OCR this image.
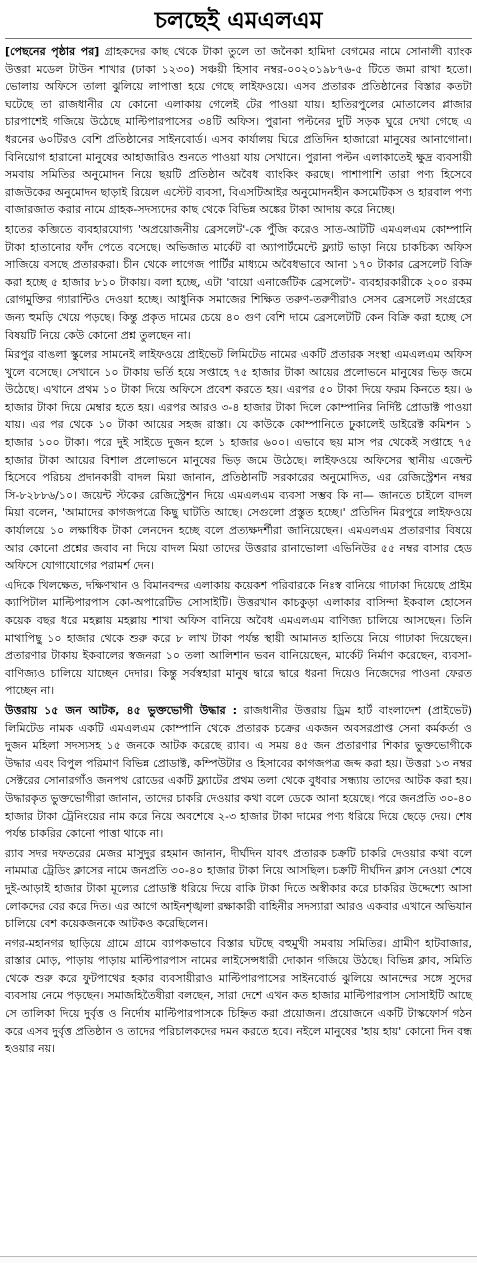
চলছেই এমএলএম

[পেছনের পৃষ্ঠার পর] গ্রাহকদের কাছ থেকে টাকা তুলে তা জনৈকা হামিদা বেগমের নামে সোনালী ব্যাংক উত্তরা মডেল টাউন শাখার (ঢাকা ১২৩০) সঞ্চয়ী হিসাব নম্বর-০০২০১৯৮৭৬-৫ টিতে জমা রাখা হতো। ভোলায় অফিসে তালা ঝুলিয়ে লাপাত্তা হয়ে গেছে লাইফওয়ে। এসব প্রতারক প্রতিষ্ঠানের বিস্তার কতটা ঘটেছে তা রাজধানীর যে কোনো এলাকায় গেলেই টের পাওয়া যায়। হাতিরপুলের মোতালেব প্লাজার চারপাশেই গজিয়ে উঠেছে মাল্টিপারপাসের ৩৪টি অফিস। পুরানা পল্টনের দুটি সড়ক ঘুরে দেখা গেছে এ ধরনের ৬০টিরও বেশি প্রতিষ্ঠানের সাইনবোর্ড। এসব কার্যালয় ঘিরে প্রতিদিন হাজারো মানুষের আনাগোনা। বিনিয়োগ হারানো মানুষের আহাজারিও শুনতে পাওয়া যায় সেখানে। পুরানা পল্টন এলাকাতেই ক্ষুদ্র ব্যবসায়ী সমবায় সমিতির অনুমোদন নিয়ে ছয়টি প্রতিষ্ঠান অবৈধ ব্যাংকিং করছে। পাশাপাশি তারা পণ্য হিসেবে রাজউকের অনুমোদন ছাড়াই রিয়েল এস্টেট ব্যবসা, বিএসটিআইর অনুমোদনহীন কসমেটিকস ও হারবাল পণ্য বাজারজাত করার নামে গ্রাহক-সদস্যদের কাছ থেকে বিভিন্ন অঙ্কের টাকা আদায় করে নিচ্ছে।

হাতের কব্জিতে ব্যবহারযোগ্য 'অপ্রয়োজনীয় ব্রেসলেট'-কে পুঁজি করেও সাত-আটটি এমএলএম কোম্পানি টাকা হাতানোর ফাঁদ পেতে বসেছে। অভিজাত মার্কেট বা অ্যাপার্টমেন্টে ফ্ল্যাট ভাড়া নিয়ে চাকচিক্য অফিস সাজিয়ে বসছে প্রতারকরা। চীন থেকে লাগেজ পার্টির মাধ্যমে অবৈধভাবে আনা ১৭০ টাকার ব্রেসলেট বিক্রি করা হচ্ছে ৫ হাজার ৮১০ টাকায়। বলা হচ্ছে, এটা 'বায়ো এনার্জেটিক ব্রেসলেট'- ব্যবহারকারীকে ২০০ রকম রোগমুক্তির গ্যারান্টিও দেওয়া হচ্ছে। আধুনিক সমাজের শিক্ষিত তরুণ-তরুণীরাও সেসব ব্রেসলেট সংগ্রহের জন্য হুমড়ি খেয়ে পড়ছে। কিন্তু প্রকৃত দামের চেয়ে ৪০ গুণ বেশি দামে ব্রেসলেটটি কেন বিক্রি করা হচ্ছে সে বিষয়টি নিয়ে কেউ কোনো প্রশ্ন তুলছেন না।

মিরপুর বাঙলা স্কুলের সামনেই লাইফওয়ে প্রাইভেট লিমিটেড নামের একটি প্রতারক সংস্থা এমএলএম অফিস খুলে বসেছে। সেখানে ১০ টাকায় ভর্তি হয়ে সপ্তাহে ৭৫ হাজার টাকা আয়ের প্রলোভনে মানুষের ভিড় জমে উঠেছে। এখানে প্রথম ১০ টাকা দিয়ে অফিসে প্রবেশ করতে হয়। এরপর ৫০ টাকা দিয়ে ফরম কিনতে হয়। ৬ হাজার টাকা দিয়ে মেম্বার হতে হয়। এরপর আরও ৩-৪ হাজার টাকা দিলে কোম্পানির নির্দিষ্ট প্রোডাক্ট পাওয়া যায়। এর পর থেকে ১০ টাকা আয়ের সহজ রাস্তা। যে কাউকে কোম্পানিতে ঢুকালেই ডাইরেক্ট কমিশন ১ হাজার ১০০ টাকা। পরে দুই সাইডে দুজন হলে ১ হাজার ৬০০। এভাবে ছয় মাস পর থেকেই সপ্তাহে ৭৫ হাজার টাকা আয়ের বিশাল প্রলোভনে মানুষের ভিড় জমে উঠেছে। লাইফওয়ে অফিসের স্থানীয় এজেন্ট হিসেবে পরিচয় প্রদানকারী বাদল মিয়া জানান, প্রতিষ্ঠানটি সরকারের অনুমোদিত, এর রেজিস্ট্রেশন নম্বর সি-৮২৮৮৬/১০। জয়েন্ট স্টকের রেজিস্ট্রেশন দিয়ে এমএলএম ব্যবসা সম্ভব কি না— জানতে চাইলে বাদল মিয়া বলেন, 'আমাদের কাগজপত্রে কিছু ঘাটতি আছে। সেগুলো প্রস্তুত হচ্ছে।' প্রতিদিন মিরপুরে লাইফওয়ে কার্যালয়ে ১০ লক্ষাধিক টাকা লেনদেন হচ্ছে বলে প্রত্যক্ষদর্শীরা জানিয়েছেন। এমএলএম প্রতারণার বিষয়ে আর কোনো প্রশ্নের জবাব না দিয়ে বাদল মিয়া তাদের উত্তরার রানাভোলা এভিনিউর ৫৫ নম্বর বাসার হেড অফিসে যোগাযোগের পরামর্শ দেন।

এদিকে খিলক্ষেত, দক্ষিণখান ও বিমানবন্দর এলাকায় কয়েকশ পরিবারকে নিঃস্ব বানিয়ে গাঢাকা দিয়েছে প্রাইম ক্যাপিটাল মাল্টিপারপাস কো-অপারেটিভ সোসাইটি। উত্তরখান কাচকুড়া এলাকার বাসিন্দা ইকবাল হোসেন কয়েক বছর ধরে মহল্লায় মহল্লায় শাখা অফিস বানিয়ে অবৈধ এমএলএম বাণিজ্য চালিয়ে আসছেন। তিনি মাথাপিছু ১০ হাজার থেকে শুরু করে ৮ লাখ টাকা পর্যন্ত স্থায়ী আমানত হাতিয়ে নিয়ে গাঢাকা দিয়েছেন। প্রতারণার টাকায় ইকবালের স্বজনরা ১০ তলা আলিশান ভবন বানিয়েছেন, মার্কেট নির্মাণ করেছেন, ব্যবসা-বাণিজ্যও চালিয়ে যাচ্ছেন দেদার। কিন্তু সর্বস্বহারা মানুষ দ্বারে দ্বারে ধরনা দিয়েও নিজেদের পাওনা ফেরত পাচ্ছেন না।

উত্তরায় ১৫ জন আটক, ৪৫ ভুক্তভোগী উদ্ধার : রাজধানীর উত্তরায় ড্রিম হার্ট বাংলাদেশ (প্রাইভেট) লিমিটেড নামক একটি এমএলএম কোম্পানি থেকে প্রতারক চক্রের একজন অবসরপ্রাপ্ত সেনা কর্মকর্তা ও দুজন মহিলা সদস্যসহ ১৫ জনকে আটক করেছে র‌্যাব। এ সময় ৪৫ জন প্রতারণার শিকার ভুক্তভোগীকে উদ্ধার এবং বিপুল পরিমাণ বিভিন্ন প্রোডাক্ট, কম্পিউটার ও হিসাবের কাগজপত্র জব্দ করা হয়। উত্তরা ১৩ নম্বর সেক্টরের সোনারগাঁও জনপথ রোডের একটি ফ্ল্যাটের প্রথম তলা থেকে বুধবার সন্ধ্যায় তাদের আটক করা হয়। উদ্ধারকৃত ভুক্তভোগীরা জানান, তাদের চাকরি দেওয়ার কথা বলে ডেকে আনা হয়েছে। পরে জনপ্রতি ৩০-৪০ হাজার টাকা ট্রেনিংয়ের নাম করে নিয়ে অবশেষে ২-৩ হাজার টাকা দামের পণ্য ধরিয়ে দিয়ে ছেড়ে দেয়। শেষ পর্যন্ত চাকরির কোনো পাত্তা থাকে না।

র‌্যাব সদর দফতরের মেজর মাসুদুর রহমান জানান, দীর্ঘদিন যাবৎ প্রতারক চক্রটি চাকরি দেওয়ার কথা বলে নামমাত্র ট্রেডিং ক্লাসের নামে জনপ্রতি ৩০-৪০ হাজার টাকা নিয়ে আসছিল। চক্রটি দীর্ঘদিন ক্লাস নেওয়া শেষে দুই-আড়াই হাজার টাকা মূল্যের প্রোডাক্ট ধরিয়ে দিয়ে বাকি টাকা দিতে অস্বীকার করে চাকরির উদ্দেশ্যে আসা লোকদের বের করে দিত। এর আগে আইনশৃঙ্খলা রক্ষাকারী বাহিনীর সদস্যারা আরও একবার এখানে অভিযান চালিয়ে বেশ কয়েকজনকে আটকও করেছিলেন।

নগর-মহানগর ছাড়িয়ে গ্রামে গ্রামে ব্যাপকভাবে বিস্তার ঘটছে বহুমুখী সমবায় সমিতির। গ্রামীণ হাটবাজার, রাস্তার মোড়, পাড়ায় পাড়ায় মাল্টিপারপাস নামের লাইসেন্সধারী দোকান গজিয়ে উঠছে। বিভিন্ন ক্লাব, সমিতি থেকে শুরু করে ফুটপাথের হকার ব্যবসায়ীরাও মাল্টিপারপাসের সাইনবোর্ড ঝুলিয়ে আনন্দের সঙ্গে সুদের ব্যবসায় নেমে পড়ছেন। সমাজহিতৈষীরা বলছেন, সারা দেশে এখন কত হাজার মাল্টিপারপাস সোসাইটি আছে সে তালিকা দিয়ে দুর্বৃত্ত ও নির্দোষ মাল্টিপারপাসকে চিহ্নিত করা প্রয়োজন। প্রয়োজনে একটি টাস্কফোর্স গঠন করে এসব দুর্বৃত্ত প্রতিষ্ঠান ও তাদের পরিচালকদের দমন করতে হবে। নইলে মানুষের 'হায় হায়' কোনো দিন বন্ধ হওয়ার নয়।
